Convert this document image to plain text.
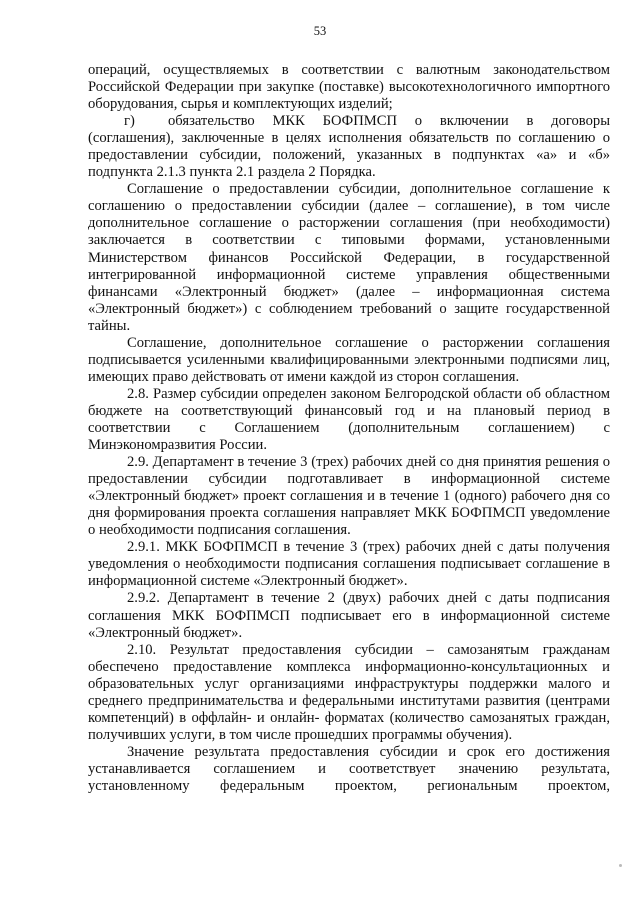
53

операций, осуществляемых в соответствии с валютным законодательством Российской Федерации при закупке (поставке) высокотехнологичного импортного оборудования, сырья и комплектующих изделий;

г) обязательство МКК БОФПМСП о включении в договоры (соглашения), заключенные в целях исполнения обязательств по соглашению о предоставлении субсидии, положений, указанных в подпунктах «а» и «б» подпункта 2.1.3 пункта 2.1 раздела 2 Порядка.

Соглашение о предоставлении субсидии, дополнительное соглашение к соглашению о предоставлении субсидии (далее – соглашение), в том числе дополнительное соглашение о расторжении соглашения (при необходимости) заключается в соответствии с типовыми формами, установленными Министерством финансов Российской Федерации, в государственной интегрированной информационной системе управления общественными финансами «Электронный бюджет» (далее – информационная система «Электронный бюджет») с соблюдением требований о защите государственной тайны.

Соглашение, дополнительное соглашение о расторжении соглашения подписывается усиленными квалифицированными электронными подписями лиц, имеющих право действовать от имени каждой из сторон соглашения.

2.8. Размер субсидии определен законом Белгородской области об областном бюджете на соответствующий финансовый год и на плановый период в соответствии с Соглашением (дополнительным соглашением) с Минэкономразвития России.

2.9. Департамент в течение 3 (трех) рабочих дней со дня принятия решения о предоставлении субсидии подготавливает в информационной системе «Электронный бюджет» проект соглашения и в течение 1 (одного) рабочего дня со дня формирования проекта соглашения направляет МКК БОФПМСП уведомление о необходимости подписания соглашения.

2.9.1. МКК БОФПМСП в течение 3 (трех) рабочих дней с даты получения уведомления о необходимости подписания соглашения подписывает соглашение в информационной системе «Электронный бюджет».

2.9.2. Департамент в течение 2 (двух) рабочих дней с даты подписания соглашения МКК БОФПМСП подписывает его в информационной системе «Электронный бюджет».

2.10. Результат предоставления субсидии – самозанятым гражданам обеспечено предоставление комплекса информационно-консультационных и образовательных услуг организациями инфраструктуры поддержки малого и среднего предпринимательства и федеральными институтами развития (центрами компетенций) в оффлайн- и онлайн- форматах (количество самозанятых граждан, получивших услуги, в том числе прошедших программы обучения).

Значение результата предоставления субсидии и срок его достижения устанавливается соглашением и соответствует значению результата, установленному федеральным проектом, региональным проектом,
